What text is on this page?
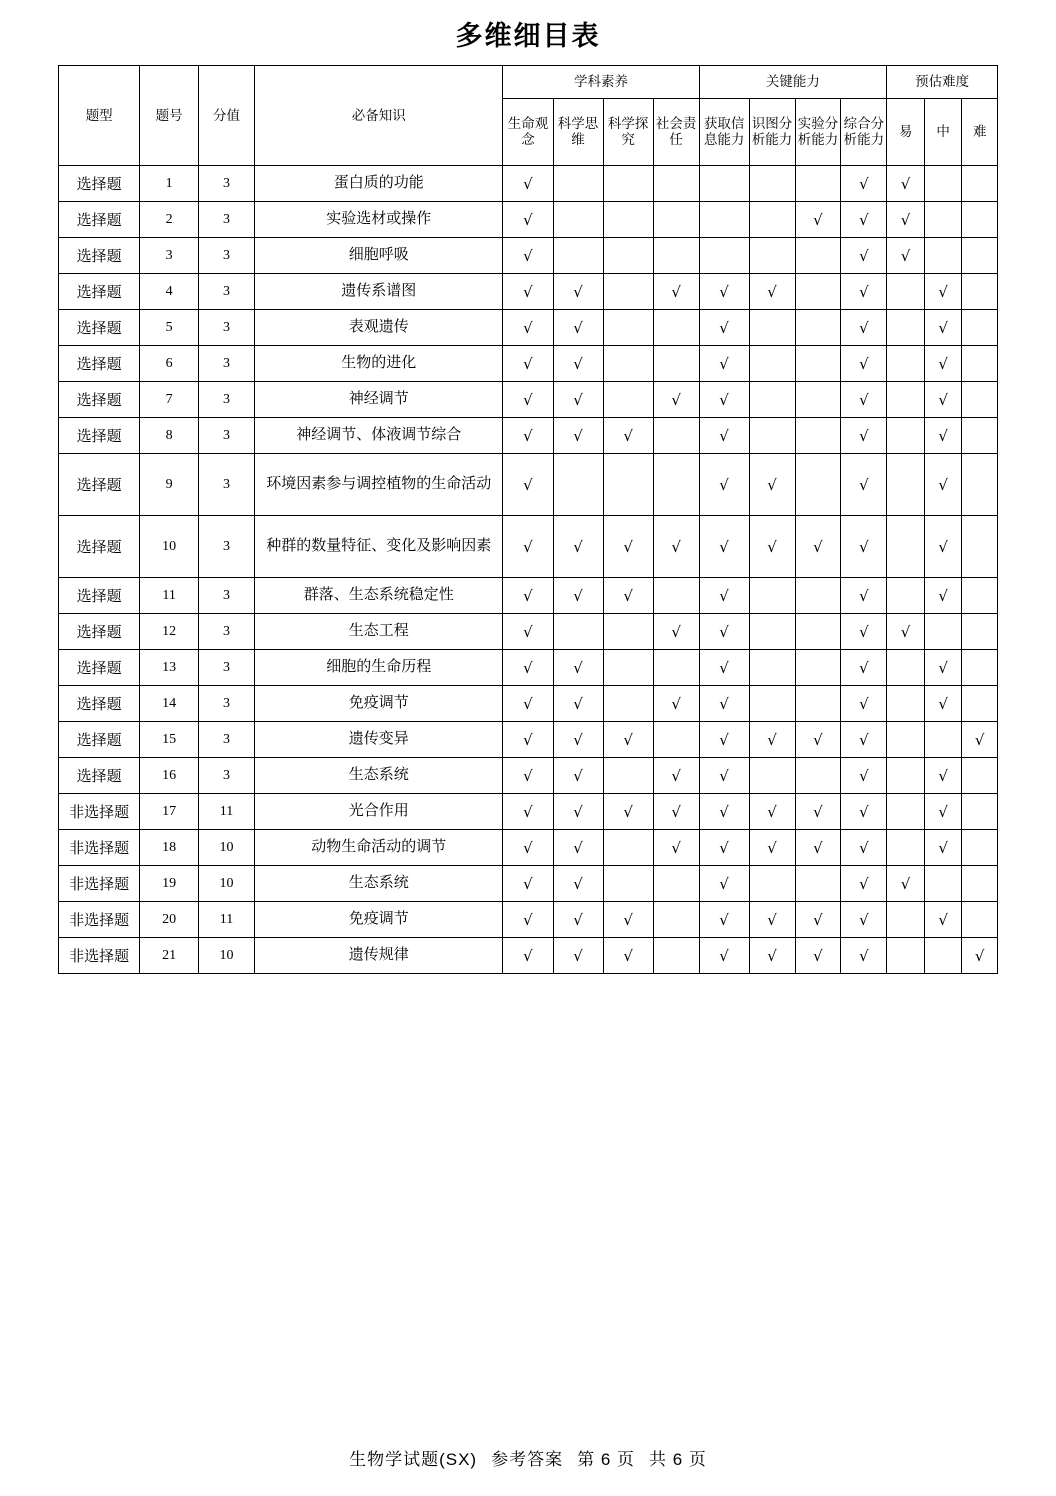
多维细目表
题型	题号	分值	必备知识	学科素养				关键能力				预估难度		
				生命观念	科学思维	科学探究	社会责任	获取信息能力	识图分析能力	实验分析能力	综合分析能力	易	中	难
选择题	1	3	蛋白质的功能	√							√	√		
选择题	2	3	实验选材或操作	√						√	√	√		
选择题	3	3	细胞呼吸	√							√	√		
选择题	4	3	遗传系谱图	√	√		√	√	√		√		√	
选择题	5	3	表观遗传	√	√			√			√		√	
选择题	6	3	生物的进化	√	√			√			√		√	
选择题	7	3	神经调节	√	√		√	√			√		√	
选择题	8	3	神经调节、体液调节综合	√	√	√		√			√		√	
选择题	9	3	环境因素参与调控植物的生命活动	√				√	√		√		√	
选择题	10	3	种群的数量特征、变化及影响因素	√	√	√	√	√	√	√	√		√	
选择题	11	3	群落、生态系统稳定性	√	√	√		√			√		√	
选择题	12	3	生态工程	√			√	√			√	√		
选择题	13	3	细胞的生命历程	√	√			√			√		√	
选择题	14	3	免疫调节	√	√		√	√			√		√	
选择题	15	3	遗传变异	√	√	√		√	√	√	√			√
选择题	16	3	生态系统	√	√		√	√			√		√	
非选择题	17	11	光合作用	√	√	√	√	√	√	√	√		√	
非选择题	18	10	动物生命活动的调节	√	√		√	√	√	√	√		√	
非选择题	19	10	生态系统	√	√			√			√	√		
非选择题	20	11	免疫调节	√	√	√		√	√	√	√		√	
非选择题	21	10	遗传规律	√	√	√		√	√	√	√			√
生物学试题(SX) 参考答案 第 6 页 共 6 页
